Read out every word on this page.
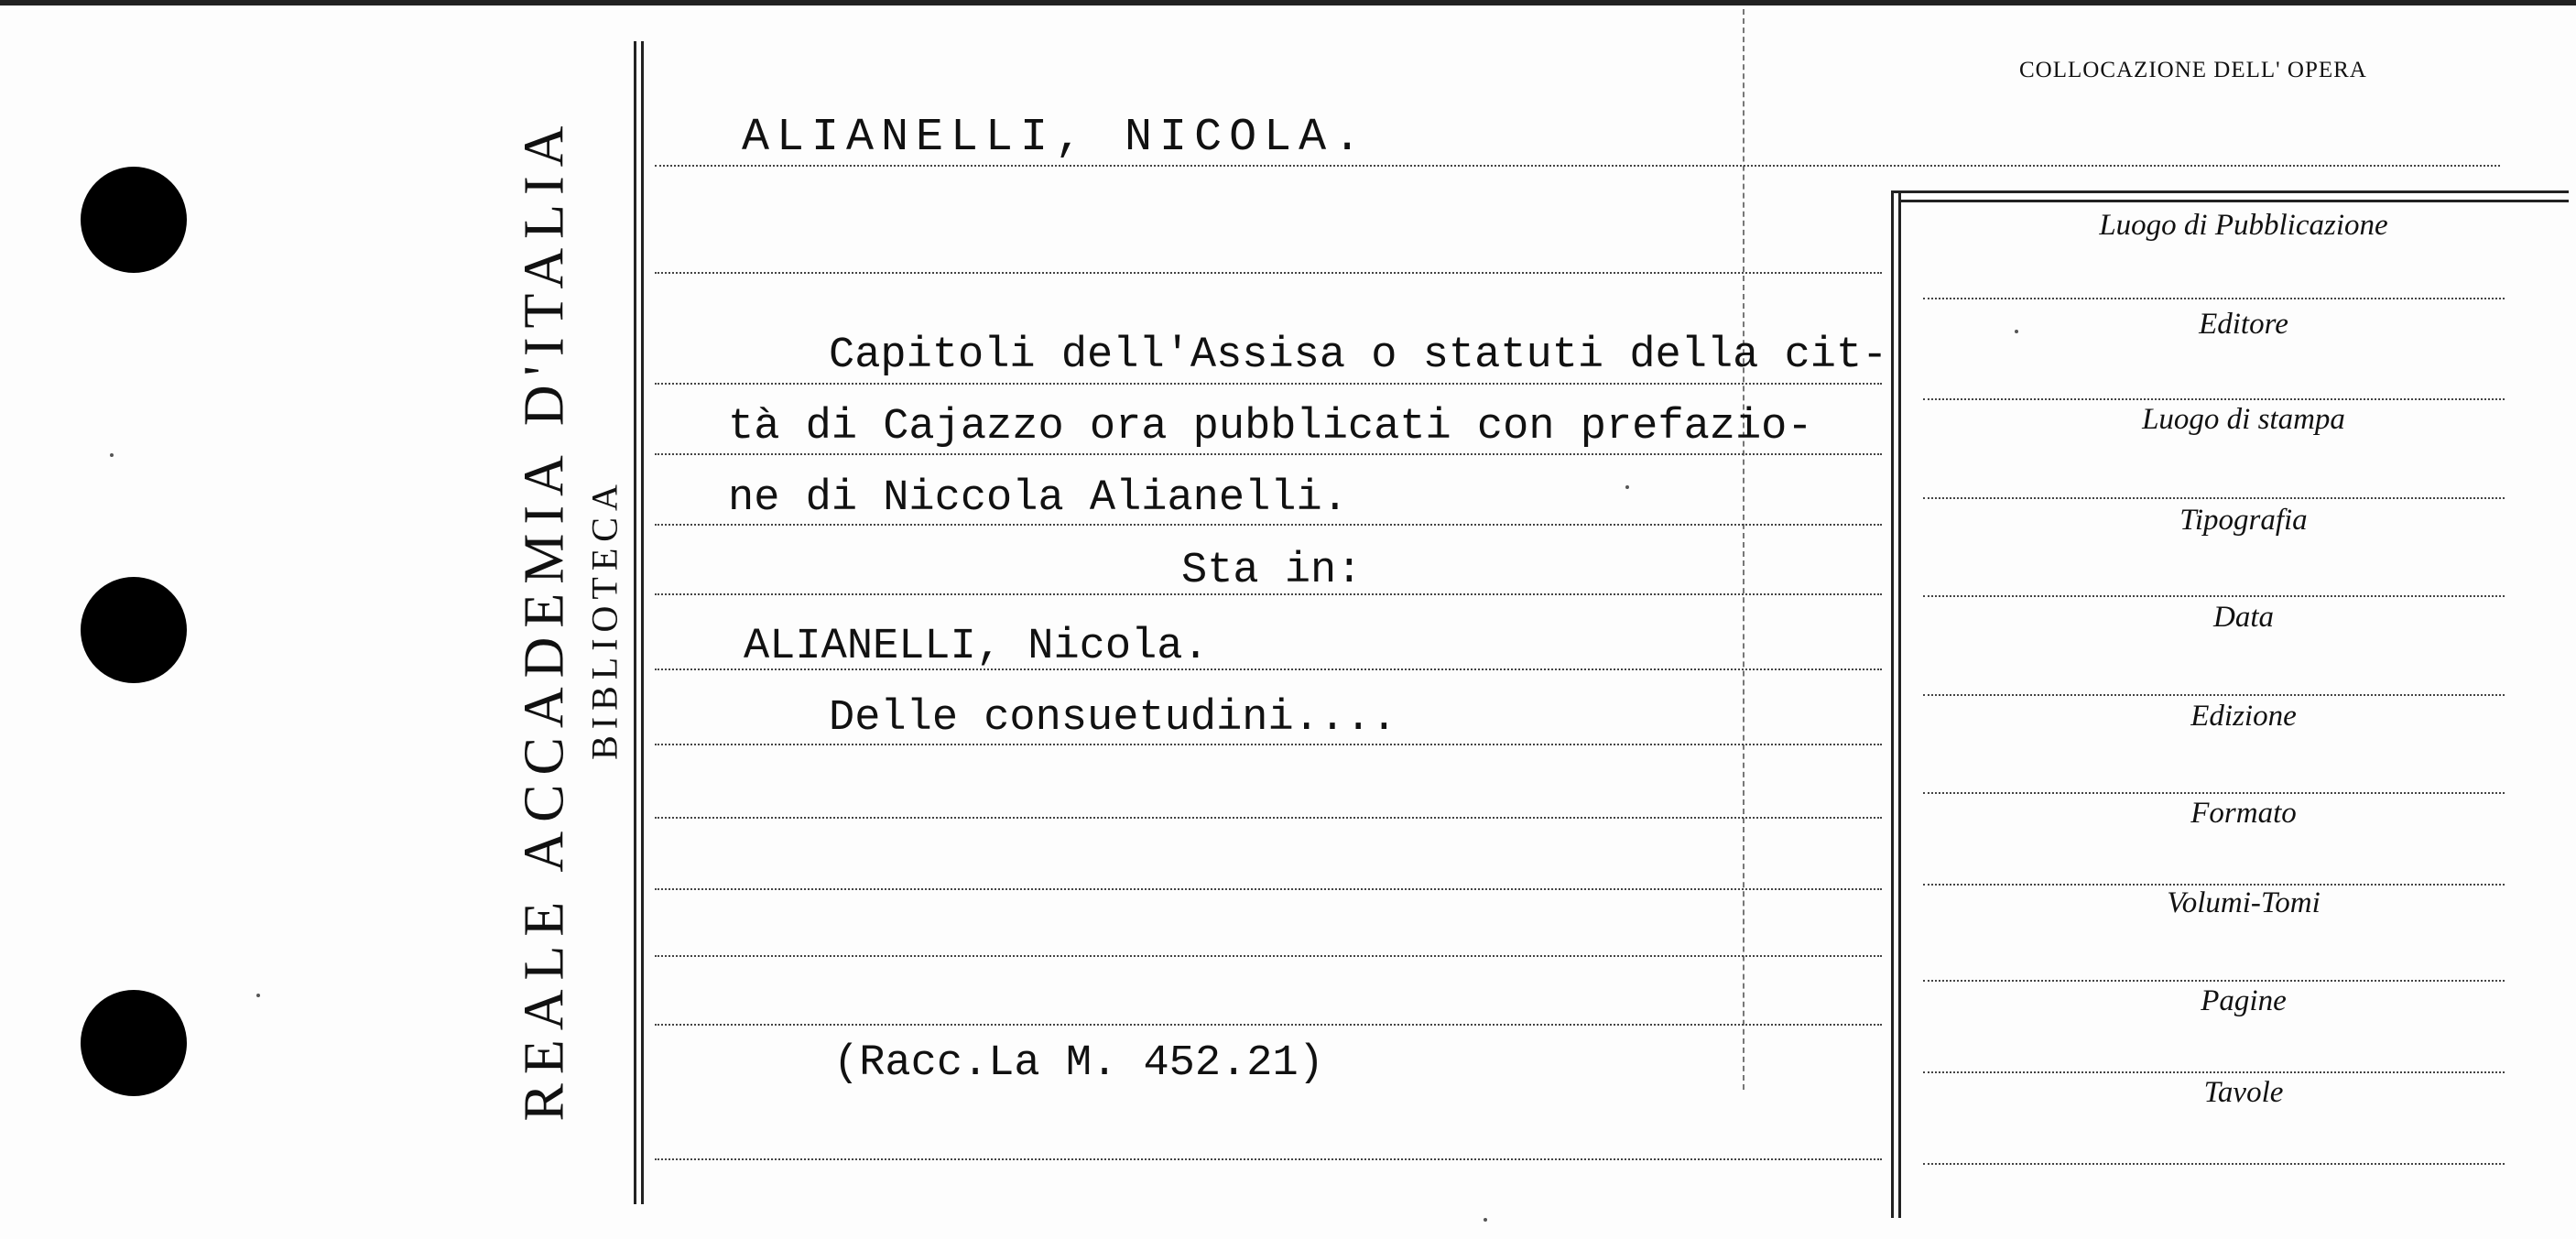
REALE ACCADEMIA D'ITALIA BIBLIOTECA
COLLOCAZIONE DELL' OPERA
ALIANELLI, NICOLA.
Capitoli dell'Assisa o statuti della cit-
tà di Cajazzo ora pubblicati con prefazio-
ne di Niccola Alianelli.
Sta in:
ALIANELLI, Nicola.
Delle consuetudini....
(Racc.La M. 452.21)
Luogo di Pubblicazione
Editore
Luogo di stampa
Tipografia
Data
Edizione
Formato
Volumi-Tomi
Pagine
Tavole
